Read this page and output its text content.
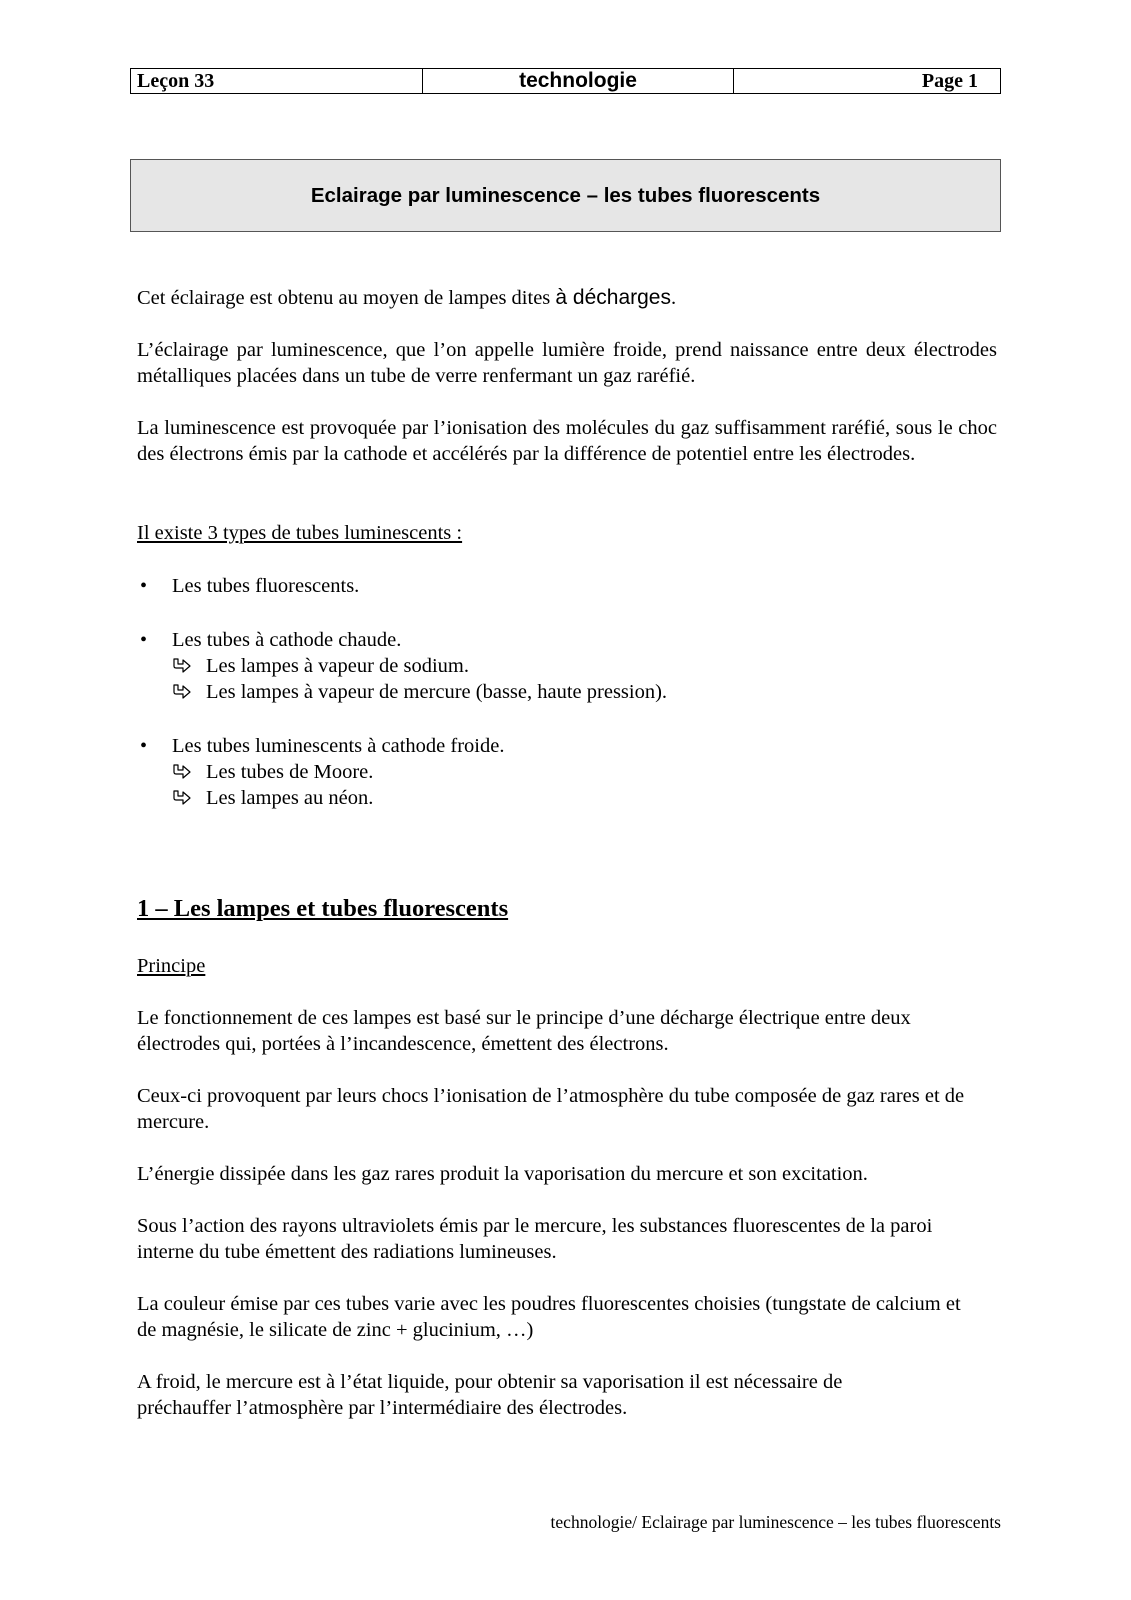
Leçon 33	technologie	Page 1
Eclairage par luminescence – les tubes fluorescents

Cet éclairage est obtenu au moyen de lampes dites à décharges.

L’éclairage par luminescence, que l’on appelle lumière froide, prend naissance entre deux électrodes métalliques placées dans un tube de verre renfermant un gaz raréfié.

La luminescence est provoquée par l’ionisation des molécules du gaz suffisamment raréfié, sous le choc des électrons émis par la cathode et accélérés par la différence de potentiel entre les électrodes.

Il existe 3 types de tubes luminescents :

• Les tubes fluorescents.
• Les tubes à cathode chaude.
Les lampes à vapeur de sodium.
Les lampes à vapeur de mercure (basse, haute pression).
• Les tubes luminescents à cathode froide.
Les tubes de Moore.
Les lampes au néon.
1 – Les lampes et tubes fluorescents

Principe

Le fonctionnement de ces lampes est basé sur le principe d’une décharge électrique entre deux électrodes qui, portées à l’incandescence, émettent des électrons.

Ceux-ci provoquent par leurs chocs l’ionisation de l’atmosphère du tube composée de gaz rares et de mercure.

L’énergie dissipée dans les gaz rares produit la vaporisation du mercure et son excitation.

Sous l’action des rayons ultraviolets émis par le mercure, les substances fluorescentes de la paroi interne du tube émettent des radiations lumineuses.

La couleur émise par ces tubes varie avec les poudres fluorescentes choisies (tungstate de calcium et de magnésie, le silicate de zinc + glucinium, …)

A froid, le mercure est à l’état liquide, pour obtenir sa vaporisation il est nécessaire de préchauffer l’atmosphère par l’intermédiaire des électrodes.

technologie/ Eclairage par luminescence – les tubes fluorescents
